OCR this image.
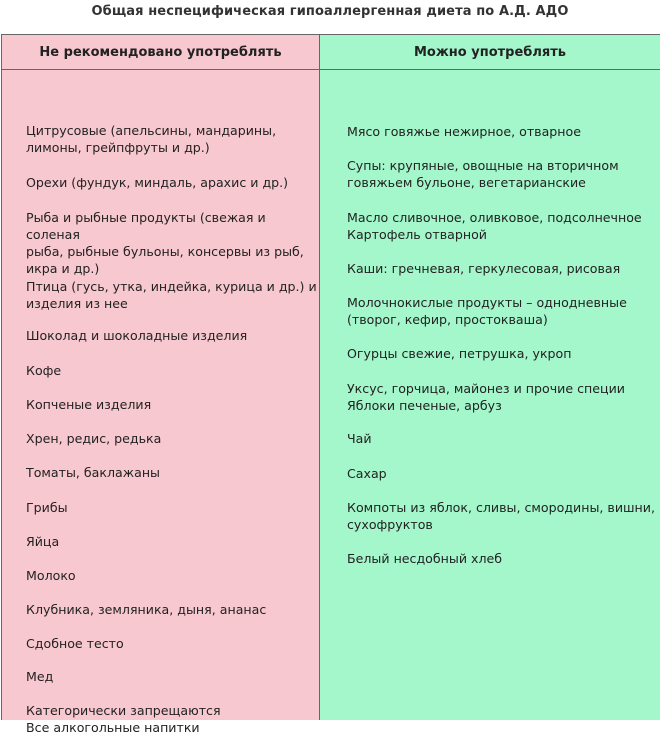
Общая неспецифическая гипоаллергенная диета по А.Д. АДО
Не рекомендовано употреблять
Цитрусовые (апельсины, мандарины,
лимоны, грейпфруты и др.)
Орехи (фундук, миндаль, арахис и др.)
Рыба и рыбные продукты (свежая и соленая
рыба, рыбные бульоны, консервы из рыб,
икра и др.)
Птица (гусь, утка, индейка, курица и др.) и
изделия из нее
Шоколад и шоколадные изделия
Кофе
Копченые изделия
Хрен, редис, редька
Томаты, баклажаны
Грибы
Яйца
Молоко
Клубника, земляника, дыня, ананас
Сдобное тесто
Мед
Категорически запрещаются
Все алкогольные напитки
Можно употреблять
Мясо говяжье нежирное, отварное
Супы: крупяные, овощные на вторичном
говяжьем бульоне, вегетарианские
Масло сливочное, оливковое, подсолнечное
Картофель отварной
Каши: гречневая, геркулесовая, рисовая
Молочнокислые продукты – однодневные
(творог, кефир, простокваша)
Огурцы свежие, петрушка, укроп
Уксус, горчица, майонез и прочие специи
Яблоки печеные, арбуз
Чай
Сахар
Компоты из яблок, сливы, смородины, вишни,
сухофруктов
Белый несдобный хлеб
